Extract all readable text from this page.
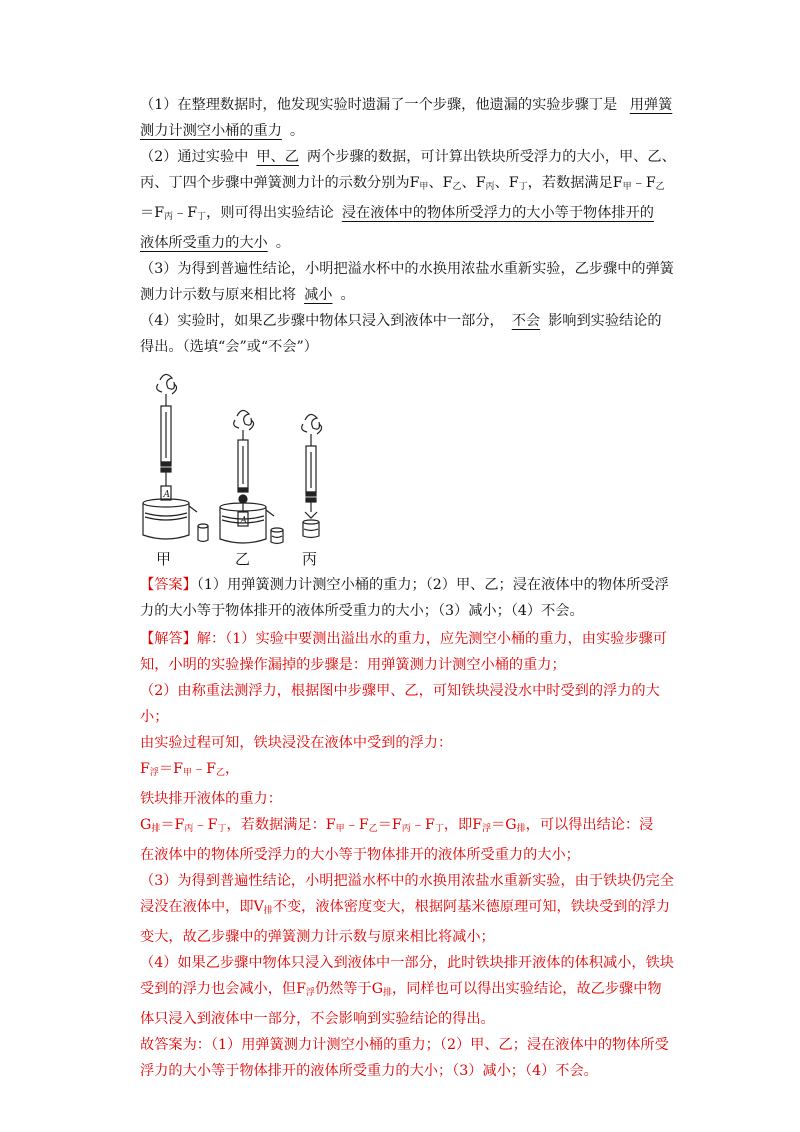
（1）在整理数据时，他发现实验时遗漏了一个步骤，他遗漏的实验步骤丁是 用弹簧
测力计测空小桶的重力 。

（2）通过实验中 甲、乙 两个步骤的数据，可计算出铁块所受浮力的大小，甲、乙、
丙、丁四个步骤中弹簧测力计的示数分别为$F_甲$、$F_乙$、$F_丙$、$F_丁$，若数据满足$F_甲﹣F_乙$
$=F_丙﹣F_丁$，则可得出实验结论 浸在液体中的物体所受浮力的大小等于物体排开的
液体所受重力的大小 。

（3）为得到普遍性结论，小明把溢水杯中的水换用浓盐水重新实验，乙步骤中的弹簧
测力计示数与原来相比将 减小 。

（4）实验时，如果乙步骤中物体只浸入到液体中一部分， 不会 影响到实验结论的
得出。（选填“会”或“不会”）

A
A
甲	乙	丙

【答案】（1）用弹簧测力计测空小桶的重力；（2）甲、乙；浸在液体中的物体所受浮
力的大小等于物体排开的液体所受重力的大小；（3）减小；（4）不会。

【解答】解：（1）实验中要测出溢出水的重力，应先测空小桶的重力，由实验步骤可
知，小明的实验操作漏掉的步骤是：用弹簧测力计测空小桶的重力；
（2）由称重法测浮力，根据图中步骤甲、乙，可知铁块浸没水中时受到的浮力的大小；
由实验过程可知，铁块浸没在液体中受到的浮力：
$F_浮=F_甲﹣F_乙$，
铁块排开液体的重力：
$G_排=F_丙﹣F_丁$，若数据满足：$F_甲﹣F_乙=F_丙﹣F_丁$，即$F_浮=G_排$，可以得出结论：浸
在液体中的物体所受浮力的大小等于物体排开的液体所受重力的大小；
（3）为得到普遍性结论，小明把溢水杯中的水换用浓盐水重新实验，由于铁块仍完全
浸没在液体中，即$V_排$不变，液体密度变大，根据阿基米德原理可知，铁块受到的浮力
变大，故乙步骤中的弹簧测力计示数与原来相比将减小；
（4）如果乙步骤中物体只浸入到液体中一部分，此时铁块排开液体的体积减小，铁块
受到的浮力也会减小，但$F_浮$仍然等于$G_排$，同样也可以得出实验结论，故乙步骤中物
体只浸入到液体中一部分，不会影响到实验结论的得出。
故答案为：（1）用弹簧测力计测空小桶的重力；（2）甲、乙；浸在液体中的物体所受
浮力的大小等于物体排开的液体所受重力的大小；（3）减小；（4）不会。
